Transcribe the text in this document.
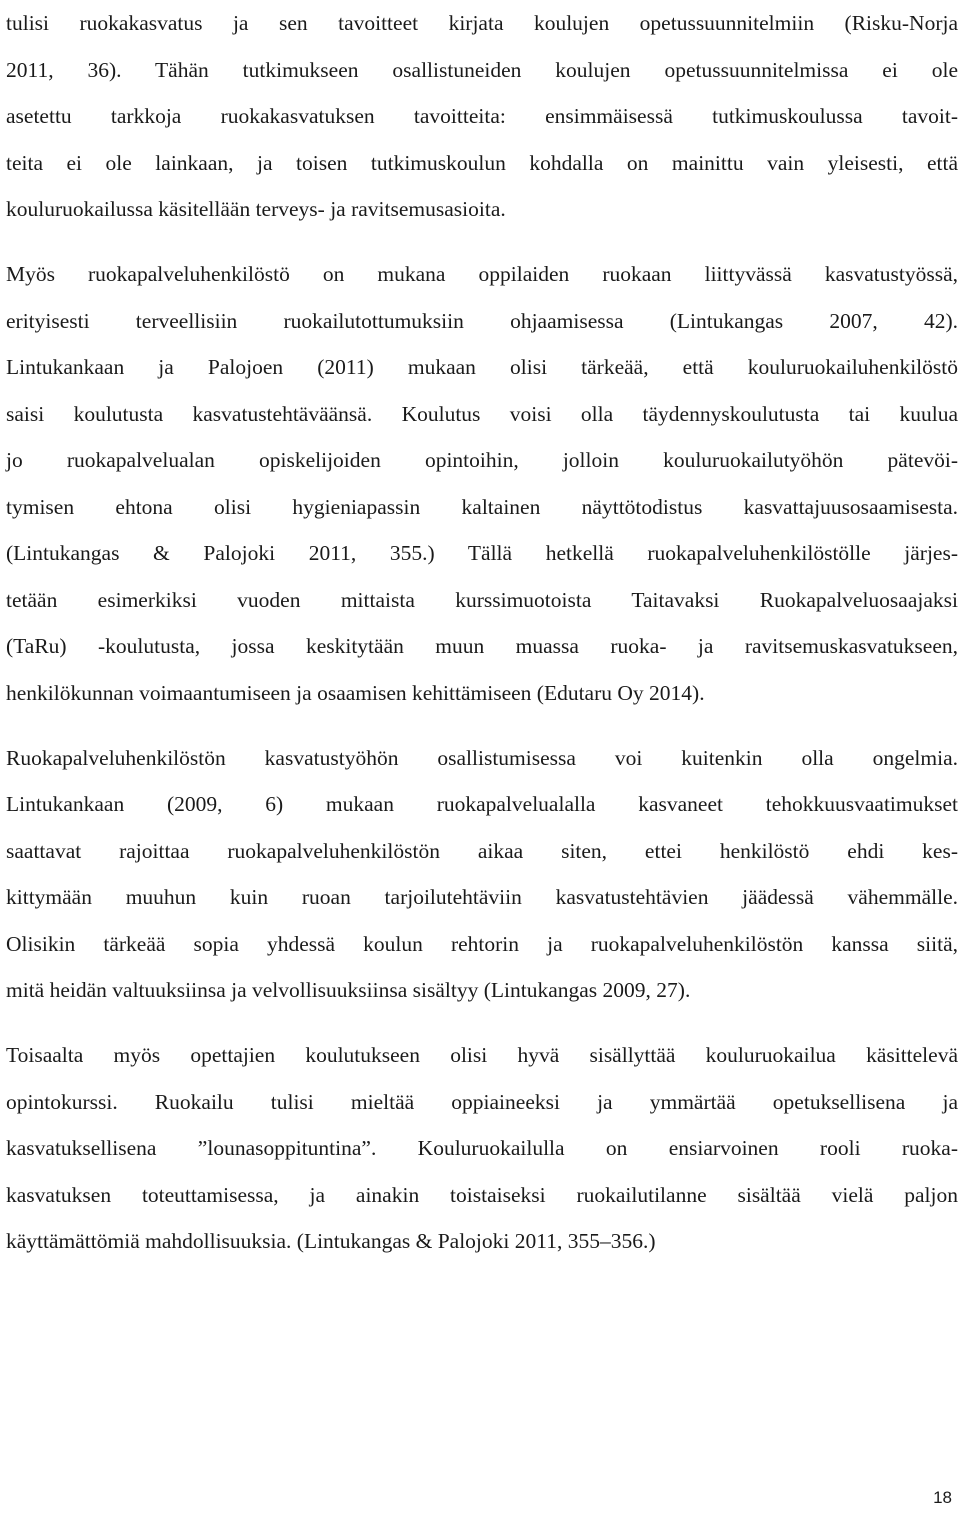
tulisi ruokakasvatus ja sen tavoitteet kirjata koulujen opetussuunnitelmiin (Risku-Norja
2011, 36). Tähän tutkimukseen osallistuneiden koulujen opetussuunnitelmissa ei ole
asetettu tarkkoja ruokakasvatuksen tavoitteita: ensimmäisessä tutkimuskoulussa tavoit-
teita ei ole lainkaan, ja toisen tutkimuskoulun kohdalla on mainittu vain yleisesti, että
kouluruokailussa käsitellään terveys- ja ravitsemusasioita.
Myös ruokapalveluhenkilöstö on mukana oppilaiden ruokaan liittyvässä kasvatustyössä,
erityisesti terveellisiin ruokailutottumuksiin ohjaamisessa (Lintukangas 2007, 42).
Lintukankaan ja Palojoen (2011) mukaan olisi tärkeää, että kouluruokailuhenkilöstö
saisi koulutusta kasvatustehtäväänsä. Koulutus voisi olla täydennyskoulutusta tai kuulua
jo ruokapalvelualan opiskelijoiden opintoihin, jolloin kouluruokailutyöhön pätevöi-
tymisen ehtona olisi hygieniapassin kaltainen näyttötodistus kasvattajuusosaamisesta.
(Lintukangas & Palojoki 2011, 355.) Tällä hetkellä ruokapalveluhenkilöstölle järjes-
tetään esimerkiksi vuoden mittaista kurssimuotoista Taitavaksi Ruokapalveluosaajaksi
(TaRu) -koulutusta, jossa keskitytään muun muassa ruoka- ja ravitsemuskasvatukseen,
henkilökunnan voimaantumiseen ja osaamisen kehittämiseen (Edutaru Oy 2014).
Ruokapalveluhenkilöstön kasvatustyöhön osallistumisessa voi kuitenkin olla ongelmia.
Lintukankaan (2009, 6) mukaan ruokapalvelualalla kasvaneet tehokkuusvaatimukset
saattavat rajoittaa ruokapalveluhenkilöstön aikaa siten, ettei henkilöstö ehdi kes-
kittymään muuhun kuin ruoan tarjoilutehtäviin kasvatustehtävien jäädessä vähemmälle.
Olisikin tärkeää sopia yhdessä koulun rehtorin ja ruokapalveluhenkilöstön kanssa siitä,
mitä heidän valtuuksiinsa ja velvollisuuksiinsa sisältyy (Lintukangas 2009, 27).
Toisaalta myös opettajien koulutukseen olisi hyvä sisällyttää kouluruokailua käsittelevä
opintokurssi. Ruokailu tulisi mieltää oppiaineeksi ja ymmärtää opetuksellisena ja
kasvatuksellisena ”lounasoppituntina”. Kouluruokailulla on ensiarvoinen rooli ruoka-
kasvatuksen toteuttamisessa, ja ainakin toistaiseksi ruokailutilanne sisältää vielä paljon
käyttämättömiä mahdollisuuksia. (Lintukangas & Palojoki 2011, 355–356.)
18
